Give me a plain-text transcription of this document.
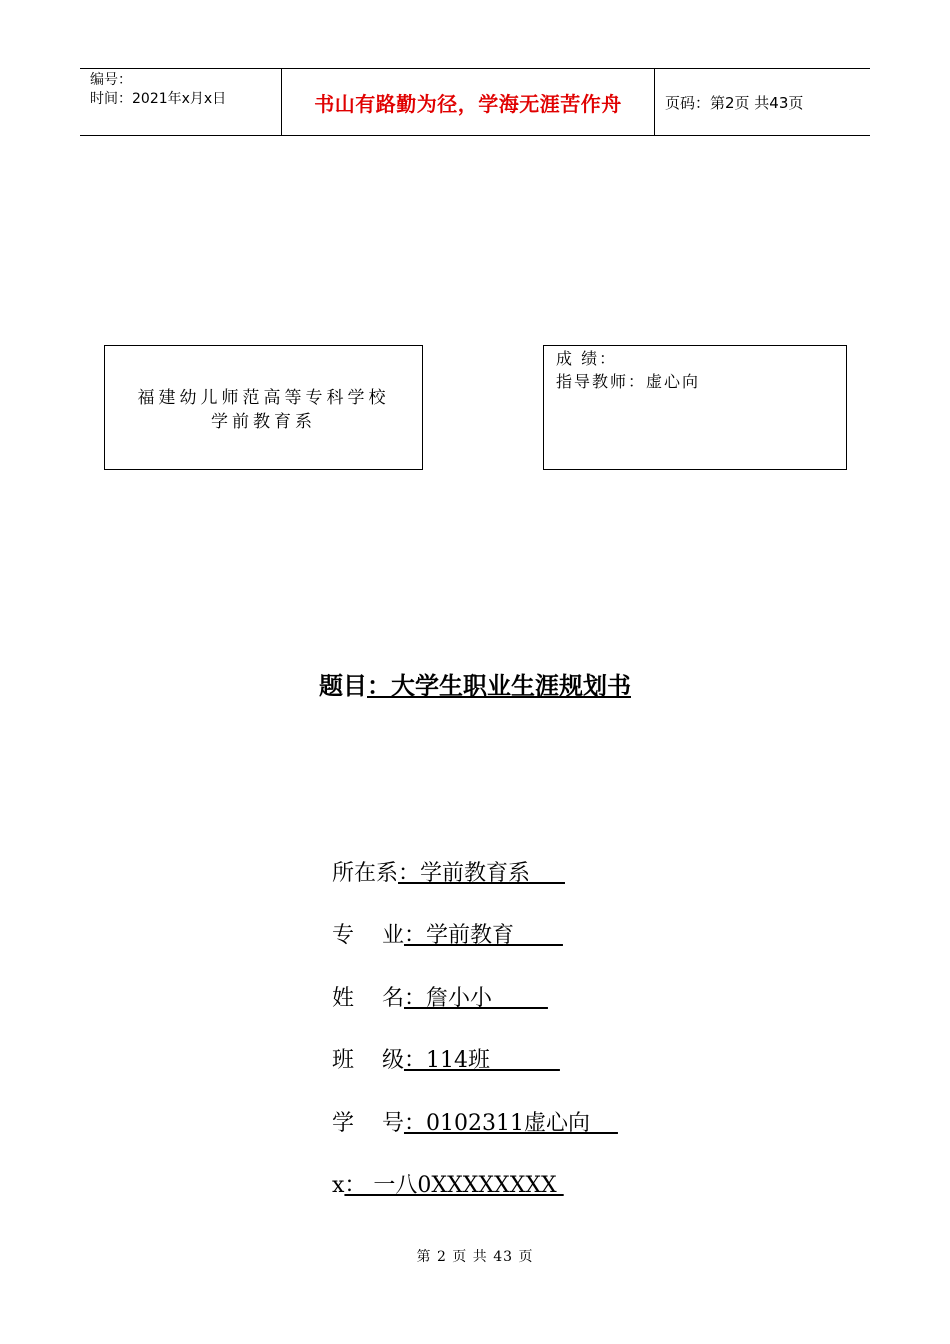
编号：
时间：2021年x月x日	书山有路勤为径，学海无涯苦作舟	页码：第2页 共43页
福建幼儿师范高等专科学校
学前教育系
成 绩：
指导教师：虚心向
题目：大学生职业生涯规划书
所在系：学前教育系
专    业：学前教育
姓    名：詹小小
班    级：114班
学    号：0102311虚心向
x： 一八0XXXXXXXX
第 2 页 共 43 页
